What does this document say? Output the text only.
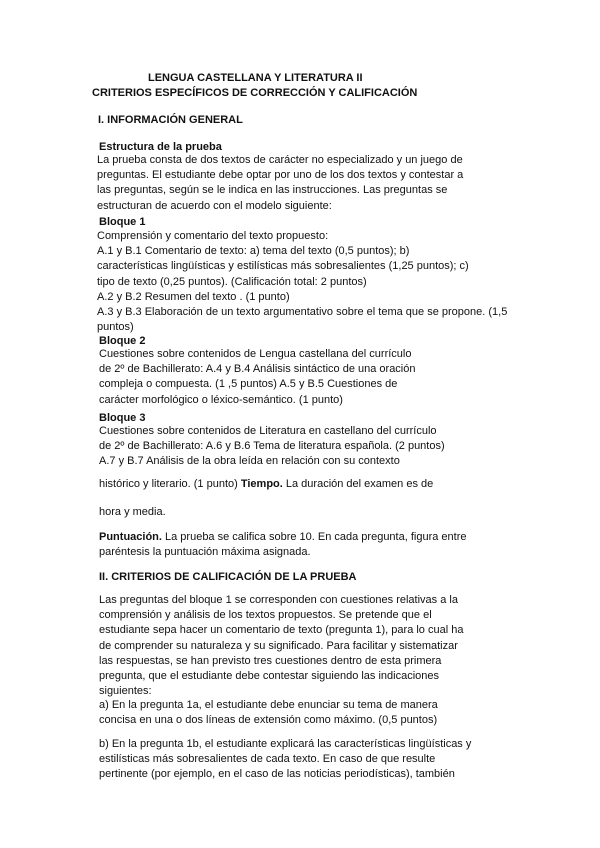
LENGUA CASTELLANA Y LITERATURA II
CRITERIOS ESPECÍFICOS DE CORRECCIÓN Y CALIFICACIÓN
I. INFORMACIÓN GENERAL
Estructura de la prueba
La prueba consta de dos textos de carácter no especializado y un juego de
preguntas. El estudiante debe optar por uno de los dos textos y contestar a
las preguntas, según se le indica en las instrucciones. Las preguntas se
estructuran de acuerdo con el modelo siguiente:
Bloque 1
Comprensión y comentario del texto propuesto:
A.1 y B.1 Comentario de texto: a) tema del texto (0,5 puntos); b)
características lingüísticas y estilísticas más sobresalientes (1,25 puntos); c)
tipo de texto (0,25 puntos). (Calificación total: 2 puntos)
A.2 y B.2 Resumen del texto . (1 punto)
A.3 y B.3 Elaboración de un texto argumentativo sobre el tema que se propone. (1,5
puntos)
Bloque 2
Cuestiones sobre contenidos de Lengua castellana del currículo
de 2º de Bachillerato: A.4 y B.4 Análisis sintáctico de una oración
compleja o compuesta. (1 ,5 puntos) A.5 y B.5 Cuestiones de
carácter morfológico o léxico-semántico. (1 punto)
Bloque 3
Cuestiones sobre contenidos de Literatura en castellano del currículo
de 2º de Bachillerato: A.6 y B.6 Tema de literatura española. (2 puntos)
A.7 y B.7 Análisis de la obra leída en relación con su contexto
histórico y literario. (1 punto) Tiempo. La duración del examen es de
hora y media.
Puntuación. La prueba se califica sobre 10. En cada pregunta, figura entre
paréntesis la puntuación máxima asignada.
II. CRITERIOS DE CALIFICACIÓN DE LA PRUEBA
Las preguntas del bloque 1 se corresponden con cuestiones relativas a la
comprensión y análisis de los textos propuestos. Se pretende que el
estudiante sepa hacer un comentario de texto (pregunta 1), para lo cual ha
de comprender su naturaleza y su significado. Para facilitar y sistematizar
las respuestas, se han previsto tres cuestiones dentro de esta primera
pregunta, que el estudiante debe contestar siguiendo las indicaciones
siguientes:
a) En la pregunta 1a, el estudiante debe enunciar su tema de manera
concisa en una o dos líneas de extensión como máximo. (0,5 puntos)
b) En la pregunta 1b, el estudiante explicará las características lingüísticas y
estilísticas más sobresalientes de cada texto. En caso de que resulte
pertinente (por ejemplo, en el caso de las noticias periodísticas), también
